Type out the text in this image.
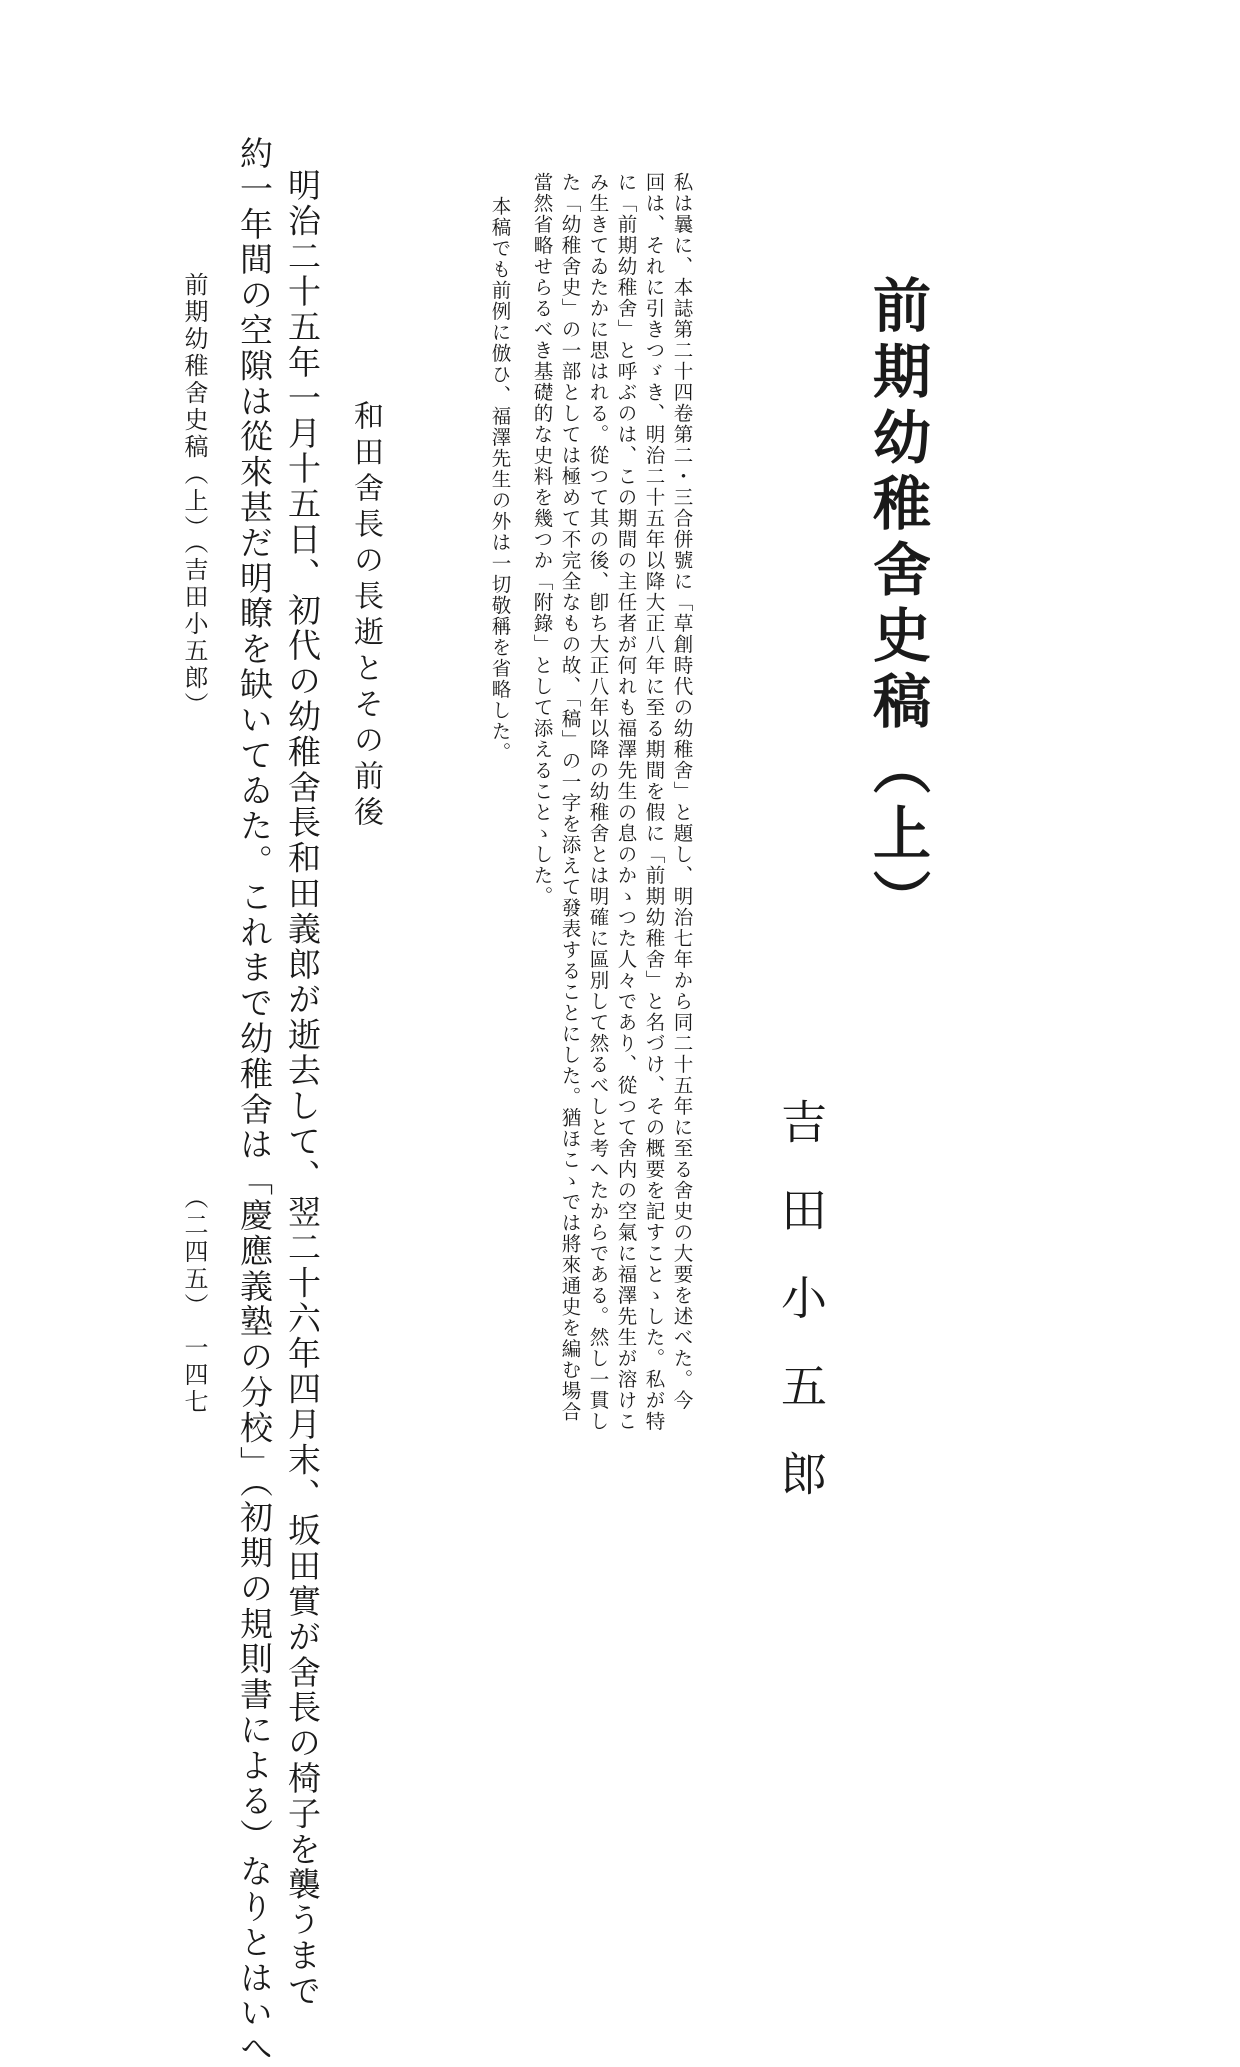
前期幼稚舍史稿（上）
吉田小五郎
私は曩に、本誌第二十四卷第二・三合併號に「草創時代の幼稚舍」と題し、明治七年から同二十五年に至る舍史の大要を述べた。今
回は、それに引きつゞき、明治二十五年以降大正八年に至る期間を假に「前期幼稚舍」と名づけ、その概要を記すことゝした。私が特
に「前期幼稚舍」と呼ぶのは、この期間の主任者が何れも福澤先生の息のかゝつた人々であり、從つて舍内の空氣に福澤先生が溶けこ
み生きてゐたかに思はれる。從つて其の後、卽ち大正八年以降の幼稚舍とは明確に區別して然るべしと考へたからである。然し一貫し
た「幼稚舍史」の一部としては極めて不完全なもの故、「稿」の一字を添えて發表することにした。猶ほこゝでは將來通史を編む場合
當然省略せらるべき基礎的な史料を幾つか「附錄」として添えることゝした。
本稿でも前例に倣ひ、福澤先生の外は一切敬稱を省略した。
和田舍長の長逝とその前後
明治二十五年一月十五日、初代の幼稚舍長和田義郎が逝去して、翌二十六年四月末、坂田實が舍長の椅子を襲うまで
約一年間の空隙は從來甚だ明瞭を缺いてゐた。これまで幼稚舍は「慶應義塾の分校」（初期の規則書による）なりとはいへ
前期幼稚舍史稿（上）（吉田小五郎）
（二四五）　一四七
